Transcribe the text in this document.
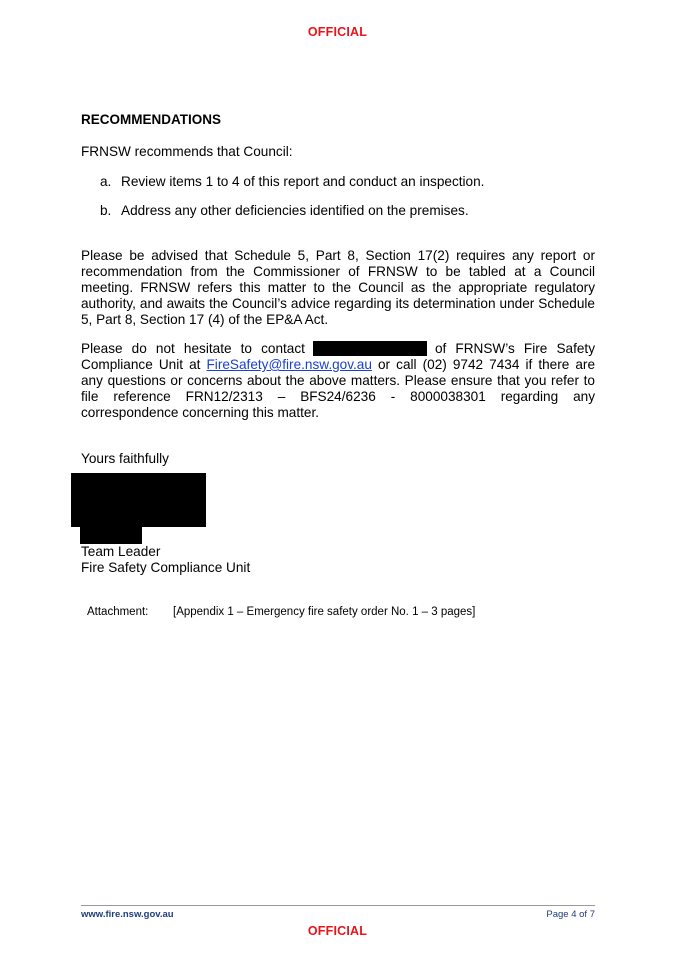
OFFICIAL
RECOMMENDATIONS
FRNSW recommends that Council:
a. Review items 1 to 4 of this report and conduct an inspection.
b. Address any other deficiencies identified on the premises.
Please be advised that Schedule 5, Part 8, Section 17(2) requires any report or recommendation from the Commissioner of FRNSW to be tabled at a Council meeting. FRNSW refers this matter to the Council as the appropriate regulatory authority, and awaits the Council’s advice regarding its determination under Schedule 5, Part 8, Section 17 (4) of the EP&A Act.
Please do not hesitate to contact	of FRNSW’s Fire Safety Compliance Unit at FireSafety@fire.nsw.gov.au or call (02) 9742 7434 if there are any questions or concerns about the above matters. Please ensure that you refer to file reference FRN12/2313 – BFS24/6236 - 8000038301 regarding any correspondence concerning this matter.
Yours faithfully
Team Leader
Fire Safety Compliance Unit
Attachment: [Appendix 1 – Emergency fire safety order No. 1 – 3 pages]
www.fire.nsw.gov.au	Page 4 of 7
OFFICIAL
